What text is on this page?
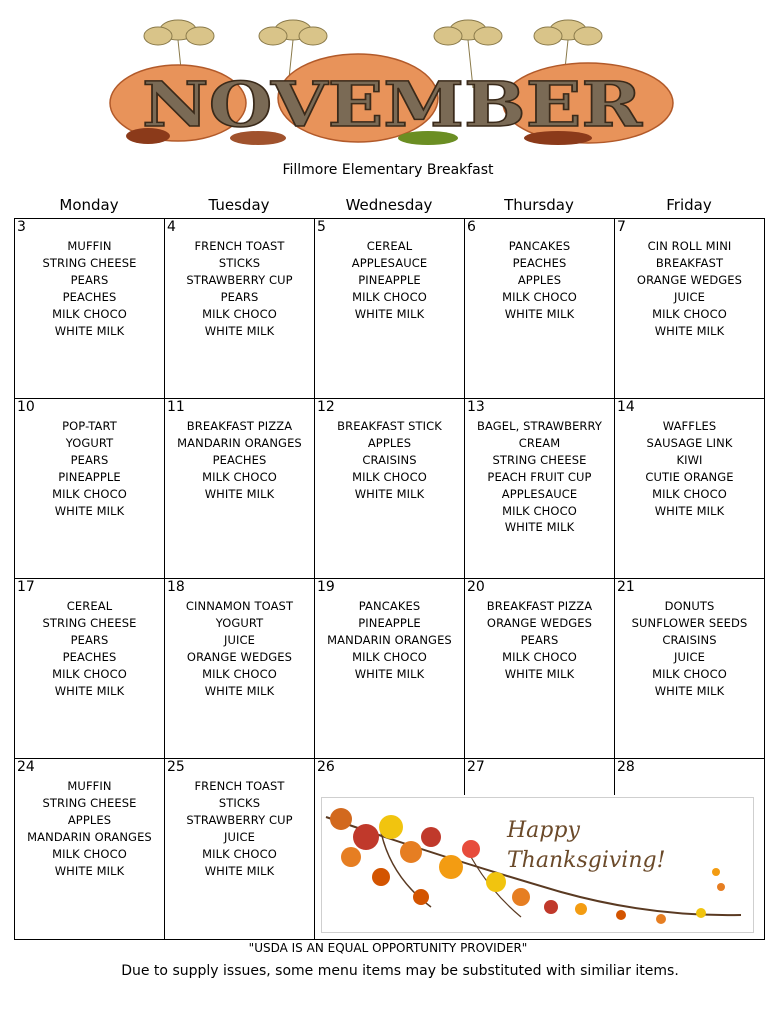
NOVEMBER
Fillmore Elementary Breakfast
Monday	Tuesday	Wednesday	Thursday	Friday
3
MUFFIN
STRING CHEESE
PEARS
PEACHES
MILK CHOCO
WHITE MILK
4
FRENCH TOAST
STICKS
STRAWBERRY CUP
PEARS
MILK CHOCO
WHITE MILK
5
CEREAL
APPLESAUCE
PINEAPPLE
MILK CHOCO
WHITE MILK
6
PANCAKES
PEACHES
APPLES
MILK CHOCO
WHITE MILK
7
CIN ROLL MINI
BREAKFAST
ORANGE WEDGES
JUICE
MILK CHOCO
WHITE MILK
10
POP-TART
YOGURT
PEARS
PINEAPPLE
MILK CHOCO
WHITE MILK
11
BREAKFAST PIZZA
MANDARIN ORANGES
PEACHES
MILK CHOCO
WHITE MILK
12
BREAKFAST STICK
APPLES
CRAISINS
MILK CHOCO
WHITE MILK
13
BAGEL, STRAWBERRY
CREAM
STRING CHEESE
PEACH FRUIT CUP
APPLESAUCE
MILK CHOCO
WHITE MILK
14
WAFFLES
SAUSAGE LINK
KIWI
CUTIE ORANGE
MILK CHOCO
WHITE MILK
17
CEREAL
STRING CHEESE
PEARS
PEACHES
MILK CHOCO
WHITE MILK
18
CINNAMON TOAST
YOGURT
JUICE
ORANGE WEDGES
MILK CHOCO
WHITE MILK
19
PANCAKES
PINEAPPLE
MANDARIN ORANGES
MILK CHOCO
WHITE MILK
20
BREAKFAST PIZZA
ORANGE WEDGES
PEARS
MILK CHOCO
WHITE MILK
21
DONUTS
SUNFLOWER SEEDS
CRAISINS
JUICE
MILK CHOCO
WHITE MILK
24
MUFFIN
STRING CHEESE
APPLES
MANDARIN ORANGES
MILK CHOCO
WHITE MILK
25
FRENCH TOAST
STICKS
STRAWBERRY CUP
JUICE
MILK CHOCO
WHITE MILK
26	27	28
Happy
Thanksgiving!
"USDA IS AN EQUAL OPPORTUNITY PROVIDER"
Due to supply issues, some menu items may be substituted with similiar items.
